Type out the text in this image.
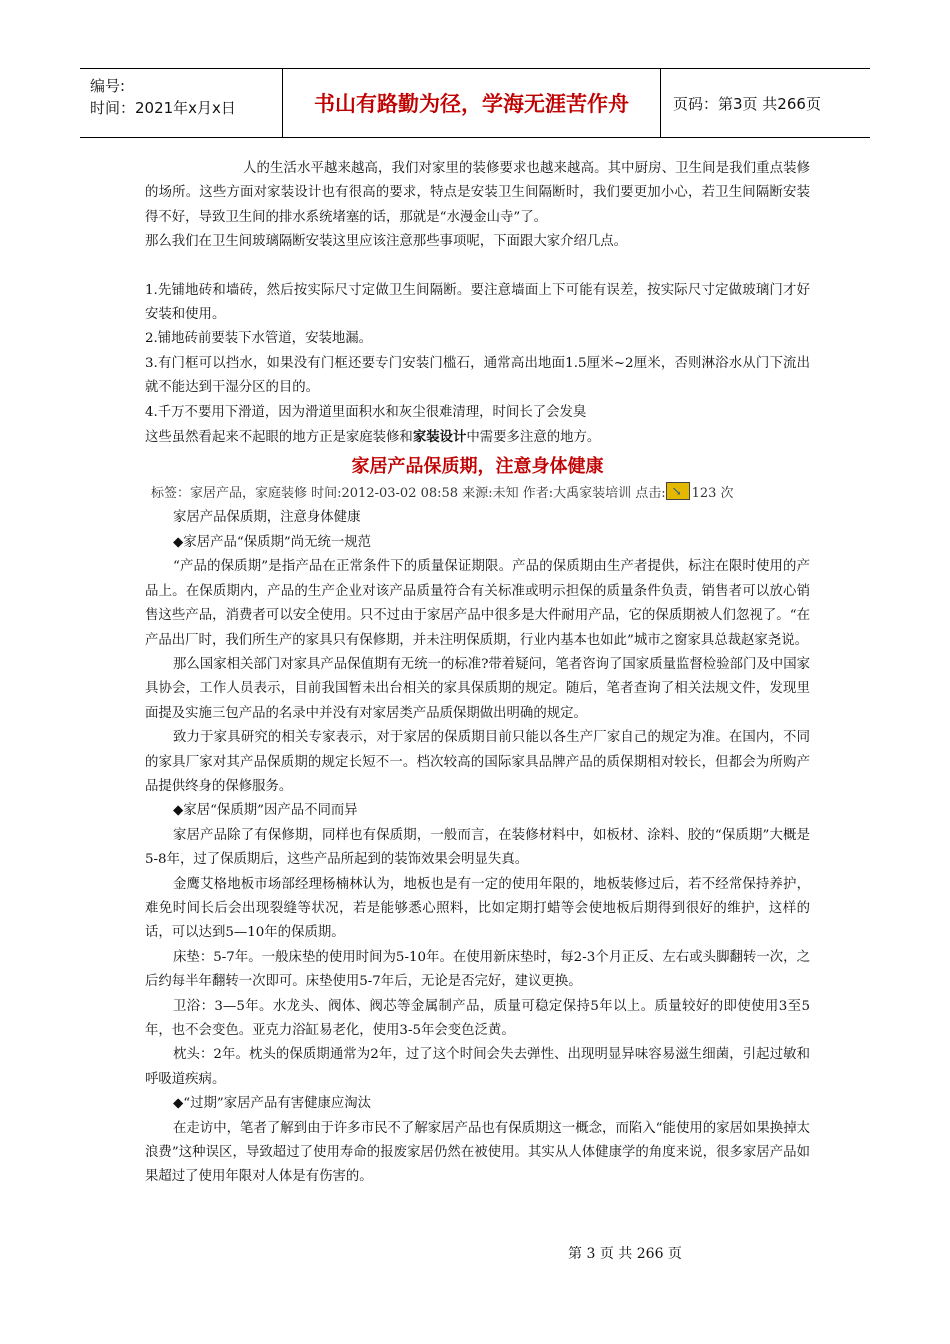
编号:
时间：2021年x月x日	书山有路勤为径，学海无涯苦作舟	页码：第3页 共266页

人的生活水平越来越高，我们对家里的装修要求也越来越高。其中厨房、卫生间是我们重点装修的场所。这些方面对家装设计也有很高的要求，特点是安装卫生间隔断时，我们要更加小心，若卫生间隔断安装得不好，导致卫生间的排水系统堵塞的话，那就是“水漫金山寺”了。

那么我们在卫生间玻璃隔断安装这里应该注意那些事项呢，下面跟大家介绍几点。

1.先铺地砖和墙砖，然后按实际尺寸定做卫生间隔断。要注意墙面上下可能有误差，按实际尺寸定做玻璃门才好安装和使用。

2.铺地砖前要装下水管道，安装地漏。

3.有门框可以挡水，如果没有门框还要专门安装门槛石，通常高出地面1.5厘米~2厘米，否则淋浴水从门下流出就不能达到干湿分区的目的。

4.千万不要用下滑道，因为滑道里面积水和灰尘很难清理，时间长了会发臭

这些虽然看起来不起眼的地方正是家庭装修和家装设计中需要多注意的地方。

家居产品保质期，注意身体健康

标签：家居产品，家庭装修 时间:2012-03-02 08:58 来源:未知 作者:大禹家装培训 点击: ↘ 123 次

家居产品保质期，注意身体健康

◆家居产品“保质期”尚无统一规范

“产品的保质期”是指产品在正常条件下的质量保证期限。产品的保质期由生产者提供，标注在限时使用的产品上。在保质期内，产品的生产企业对该产品质量符合有关标准或明示担保的质量条件负责，销售者可以放心销售这些产品，消费者可以安全使用。只不过由于家居产品中很多是大件耐用产品，它的保质期被人们忽视了。“在产品出厂时，我们所生产的家具只有保修期，并未注明保质期，行业内基本也如此”城市之窗家具总裁赵家尧说。

那么国家相关部门对家具产品保值期有无统一的标准?带着疑问，笔者咨询了国家质量监督检验部门及中国家具协会，工作人员表示，目前我国暂未出台相关的家具保质期的规定。随后，笔者查询了相关法规文件，发现里面提及实施三包产品的名录中并没有对家居类产品质保期做出明确的规定。

致力于家具研究的相关专家表示，对于家居的保质期目前只能以各生产厂家自己的规定为准。在国内，不同的家具厂家对其产品保质期的规定长短不一。档次较高的国际家具品牌产品的质保期相对较长，但都会为所购产品提供终身的保修服务。

◆家居“保质期”因产品不同而异

家居产品除了有保修期，同样也有保质期，一般而言，在装修材料中，如板材、涂料、胶的“保质期”大概是5-8年，过了保质期后，这些产品所起到的装饰效果会明显失真。

金鹰艾格地板市场部经理杨楠林认为，地板也是有一定的使用年限的，地板装修过后，若不经常保持养护，难免时间长后会出现裂缝等状况，若是能够悉心照料，比如定期打蜡等会使地板后期得到很好的维护，这样的话，可以达到5—10年的保质期。

床垫：5-7年。一般床垫的使用时间为5-10年。在使用新床垫时，每2-3个月正反、左右或头脚翻转一次，之后约每半年翻转一次即可。床垫使用5-7年后，无论是否完好，建议更换。

卫浴：3—5年。水龙头、阀体、阀芯等金属制产品，质量可稳定保持5年以上。质量较好的即使使用3至5年，也不会变色。亚克力浴缸易老化，使用3-5年会变色泛黄。

枕头：2年。枕头的保质期通常为2年，过了这个时间会失去弹性、出现明显异味容易滋生细菌，引起过敏和呼吸道疾病。

◆“过期”家居产品有害健康应淘汰

在走访中，笔者了解到由于许多市民不了解家居产品也有保质期这一概念，而陷入“能使用的家居如果换掉太浪费”这种误区，导致超过了使用寿命的报废家居仍然在被使用。其实从人体健康学的角度来说，很多家居产品如果超过了使用年限对人体是有伤害的。

第 3 页 共 266 页
